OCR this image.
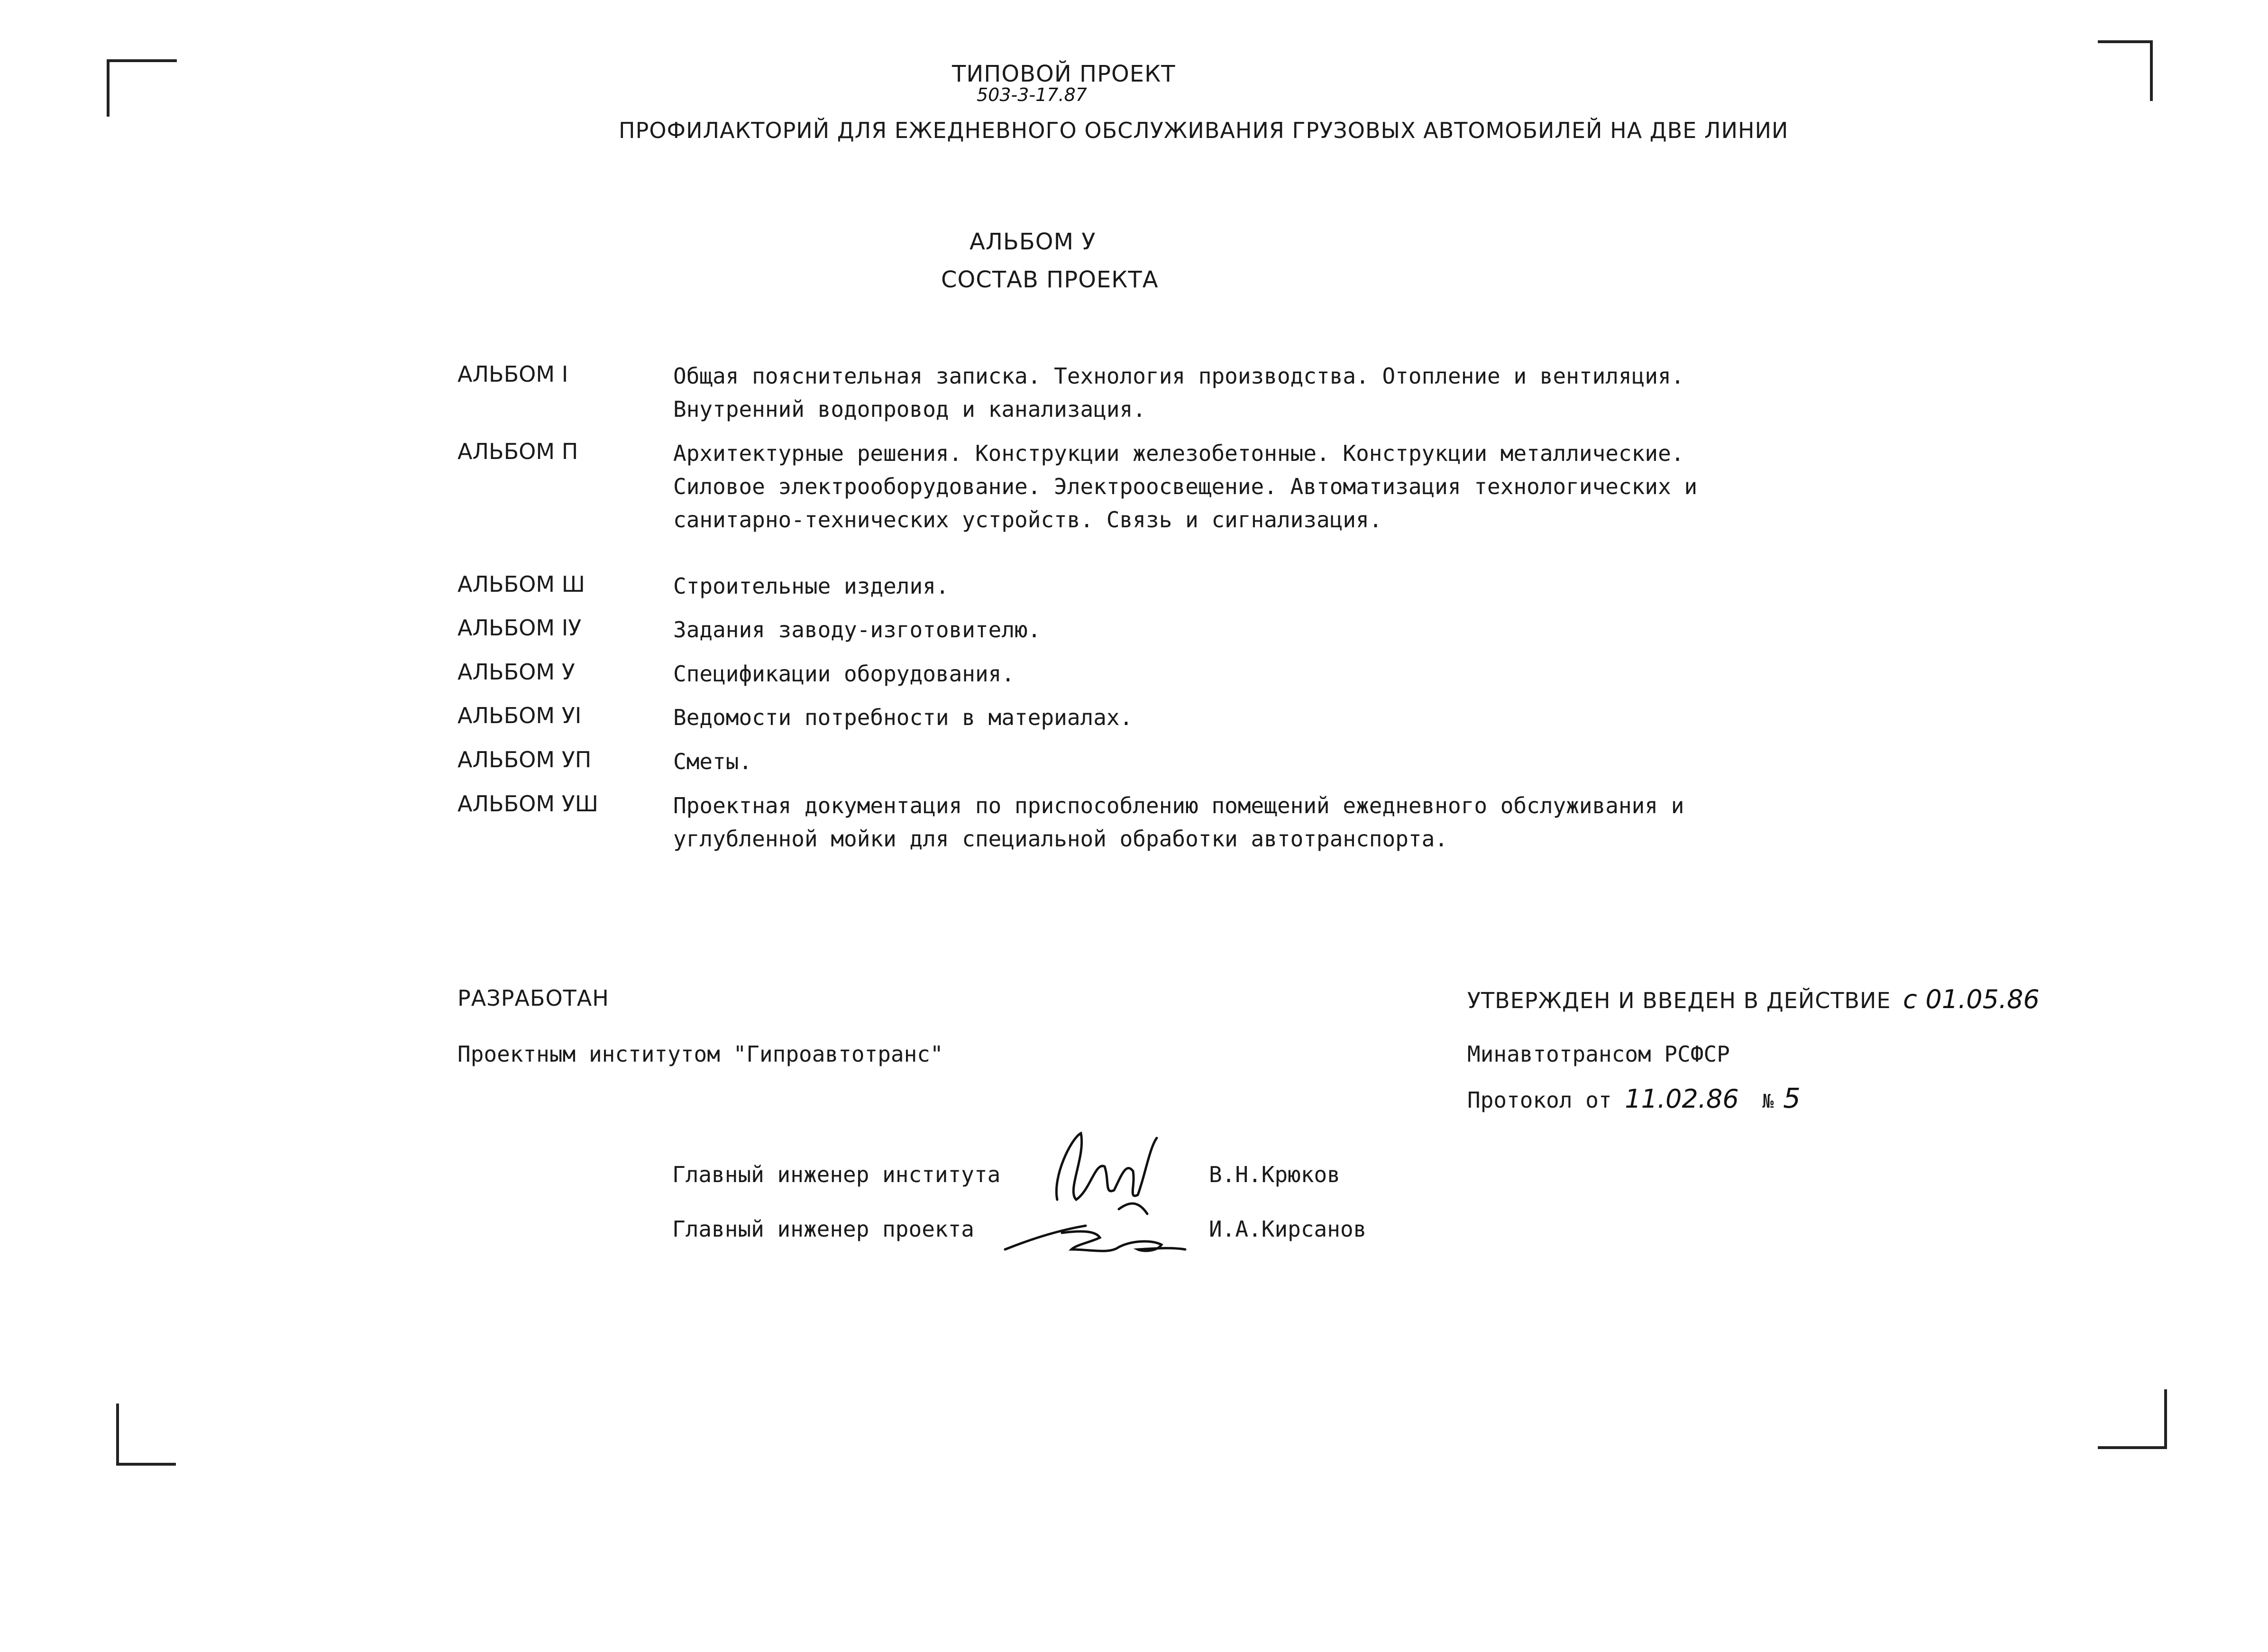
ТИПОВОЙ ПРОЕКТ
503-3-17.87
ПРОФИЛАКТОРИЙ ДЛЯ ЕЖЕДНЕВНОГО ОБСЛУЖИВАНИЯ ГРУЗОВЫХ АВТОМОБИЛЕЙ НА ДВЕ ЛИНИИ
АЛЬБОМ У
СОСТАВ ПРОЕКТА
АЛЬБОМ I	Общая пояснительная записка. Технология производства. Отопление и вентиляция.
Внутренний водопровод и канализация.
АЛЬБОМ П	Архитектурные решения. Конструкции железобетонные. Конструкции металлические.
Силовое электрооборудование. Электроосвещение. Автоматизация технологических и
санитарно-технических устройств. Связь и сигнализация.
АЛЬБОМ Ш	Строительные изделия.
АЛЬБОМ IУ	Задания заводу-изготовителю.
АЛЬБОМ У	Спецификации оборудования.
АЛЬБОМ УI	Ведомости потребности в материалах.
АЛЬБОМ УП	Сметы.
АЛЬБОМ УШ	Проектная документация по приспособлению помещений ежедневного обслуживания и
углубленной мойки для специальной обработки автотранспорта.
РАЗРАБОТАН
Проектным институтом "Гипроавтотранс"
УТВЕРЖДЕН И ВВЕДЕН В ДЕЙСТВИЕ с 01.05.86
Минавтотрансом РСФСР
Протокол от 11.02.86 № 5
Главный инженер института	В.Н.Крюков
Главный инженер проекта	И.А.Кирсанов
